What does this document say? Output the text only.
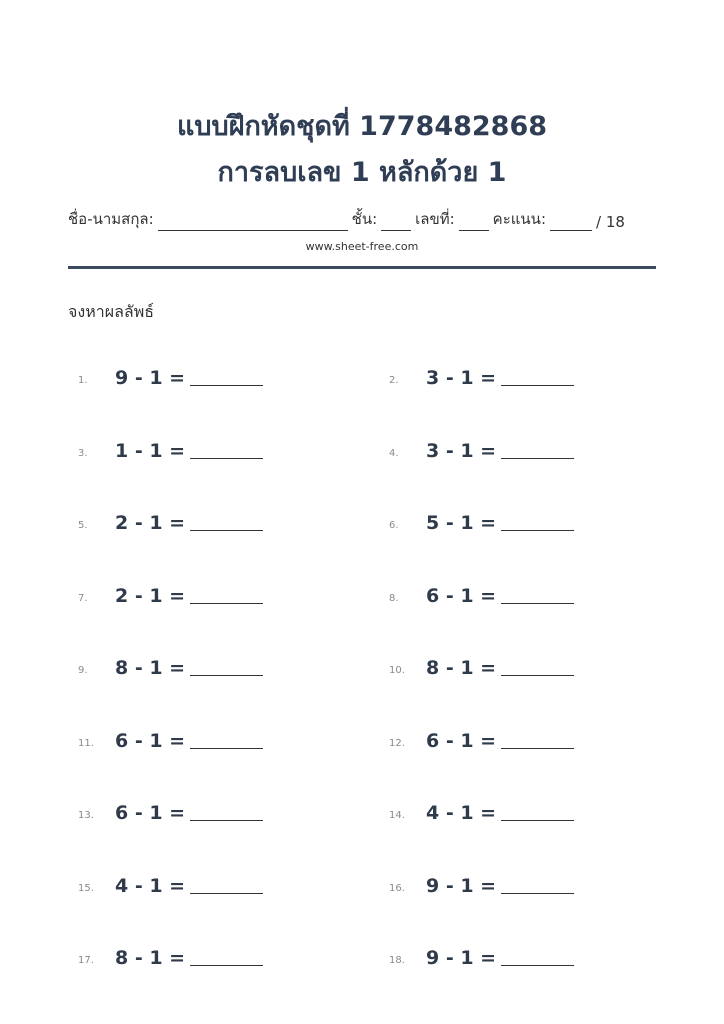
แบบฝึกหัดชุดที่ 1778482868
การลบเลข 1 หลักด้วย 1
ชื่อ-นามสกุล:	ชั้น:	เลขที่:	คะแนน:	/ 18
www.sheet-free.com
จงหาผลลัพธ์
1. 9 - 1 =	2. 3 - 1 =
3. 1 - 1 =	4. 3 - 1 =
5. 2 - 1 =	6. 5 - 1 =
7. 2 - 1 =	8. 6 - 1 =
9. 8 - 1 =	10. 8 - 1 =
11. 6 - 1 =	12. 6 - 1 =
13. 6 - 1 =	14. 4 - 1 =
15. 4 - 1 =	16. 9 - 1 =
17. 8 - 1 =	18. 9 - 1 =
